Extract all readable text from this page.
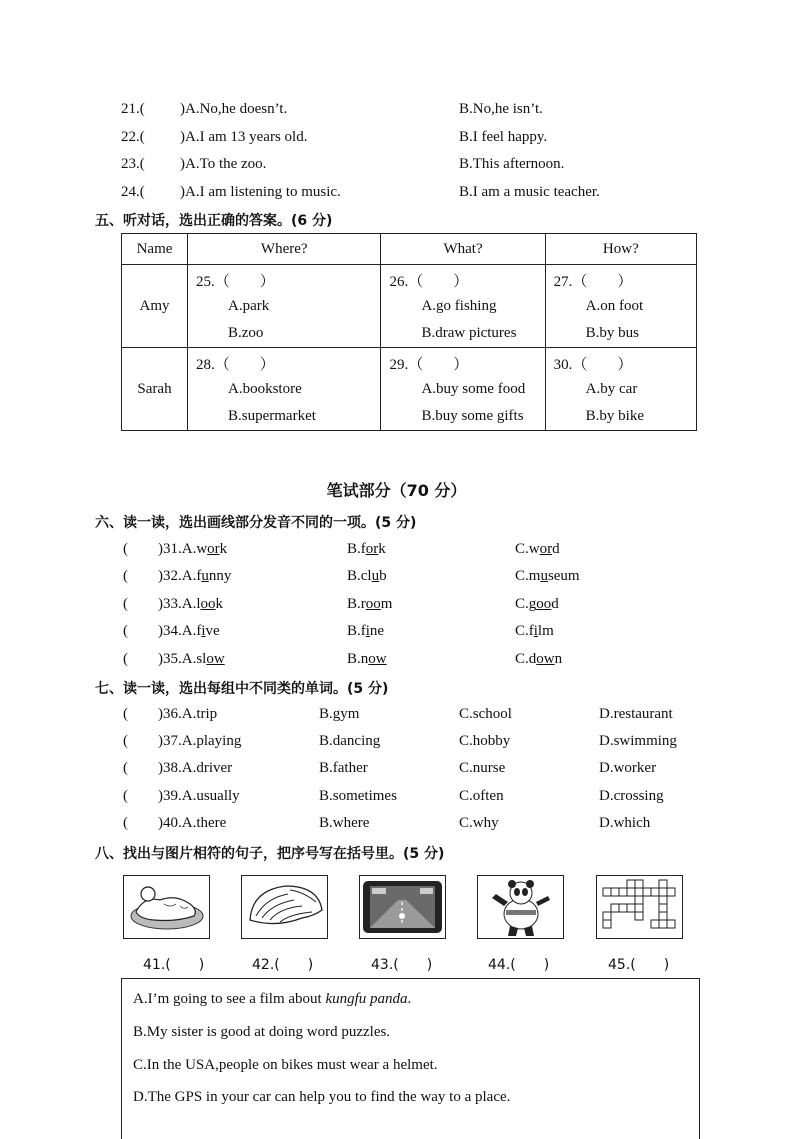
21.( )A.No,he doesn’t.	B.No,he isn’t.
22.( )A.I am 13 years old.	B.I feel happy.
23.( )A.To the zoo.	B.This afternoon.
24.( )A.I am listening to music.	B.I am a music teacher.
五、听对话，选出正确的答案。(6 分)
Name	Where?	What?	How?
Amy	25.（　　）
A.park
B.zoo	26.（　　）
A.go fishing
B.draw pictures	27.（　　）
A.on foot
B.by bus

Sarah	28.（　　）
A.bookstore
B.supermarket	29.（　　）
A.buy some food
B.buy some gifts	30.（　　）
A.by car
B.by bike
笔试部分（70 分）
六、读一读，选出画线部分发音不同的一项。(5 分)
( )31.A.work	B.fork	C.word
( )32.A.funny	B.club	C.museum
( )33.A.look	B.room	C.good
( )34.A.five	B.fine	C.film
( )35.A.slow	B.now	C.down
七、读一读，选出每组中不同类的单词。(5 分)
( )36.A.trip	B.gym	C.school	D.restaurant
( )37.A.playing	B.dancing	C.hobby	D.swimming
( )38.A.driver	B.father	C.nurse	D.worker
( )39.A.usually	B.sometimes	C.often	D.crossing
( )40.A.there	B.where	C.why	D.which
八、找出与图片相符的句子，把序号写在括号里。(5 分)
41.(　　)	42.(　　)	43.(　　)	44.(　　)	45.(　　)
A.I’m going to see a film about kungfu panda.
B.My sister is good at doing word puzzles.
C.In the USA,people on bikes must wear a helmet.
D.The GPS in your car can help you to find the way to a place.
